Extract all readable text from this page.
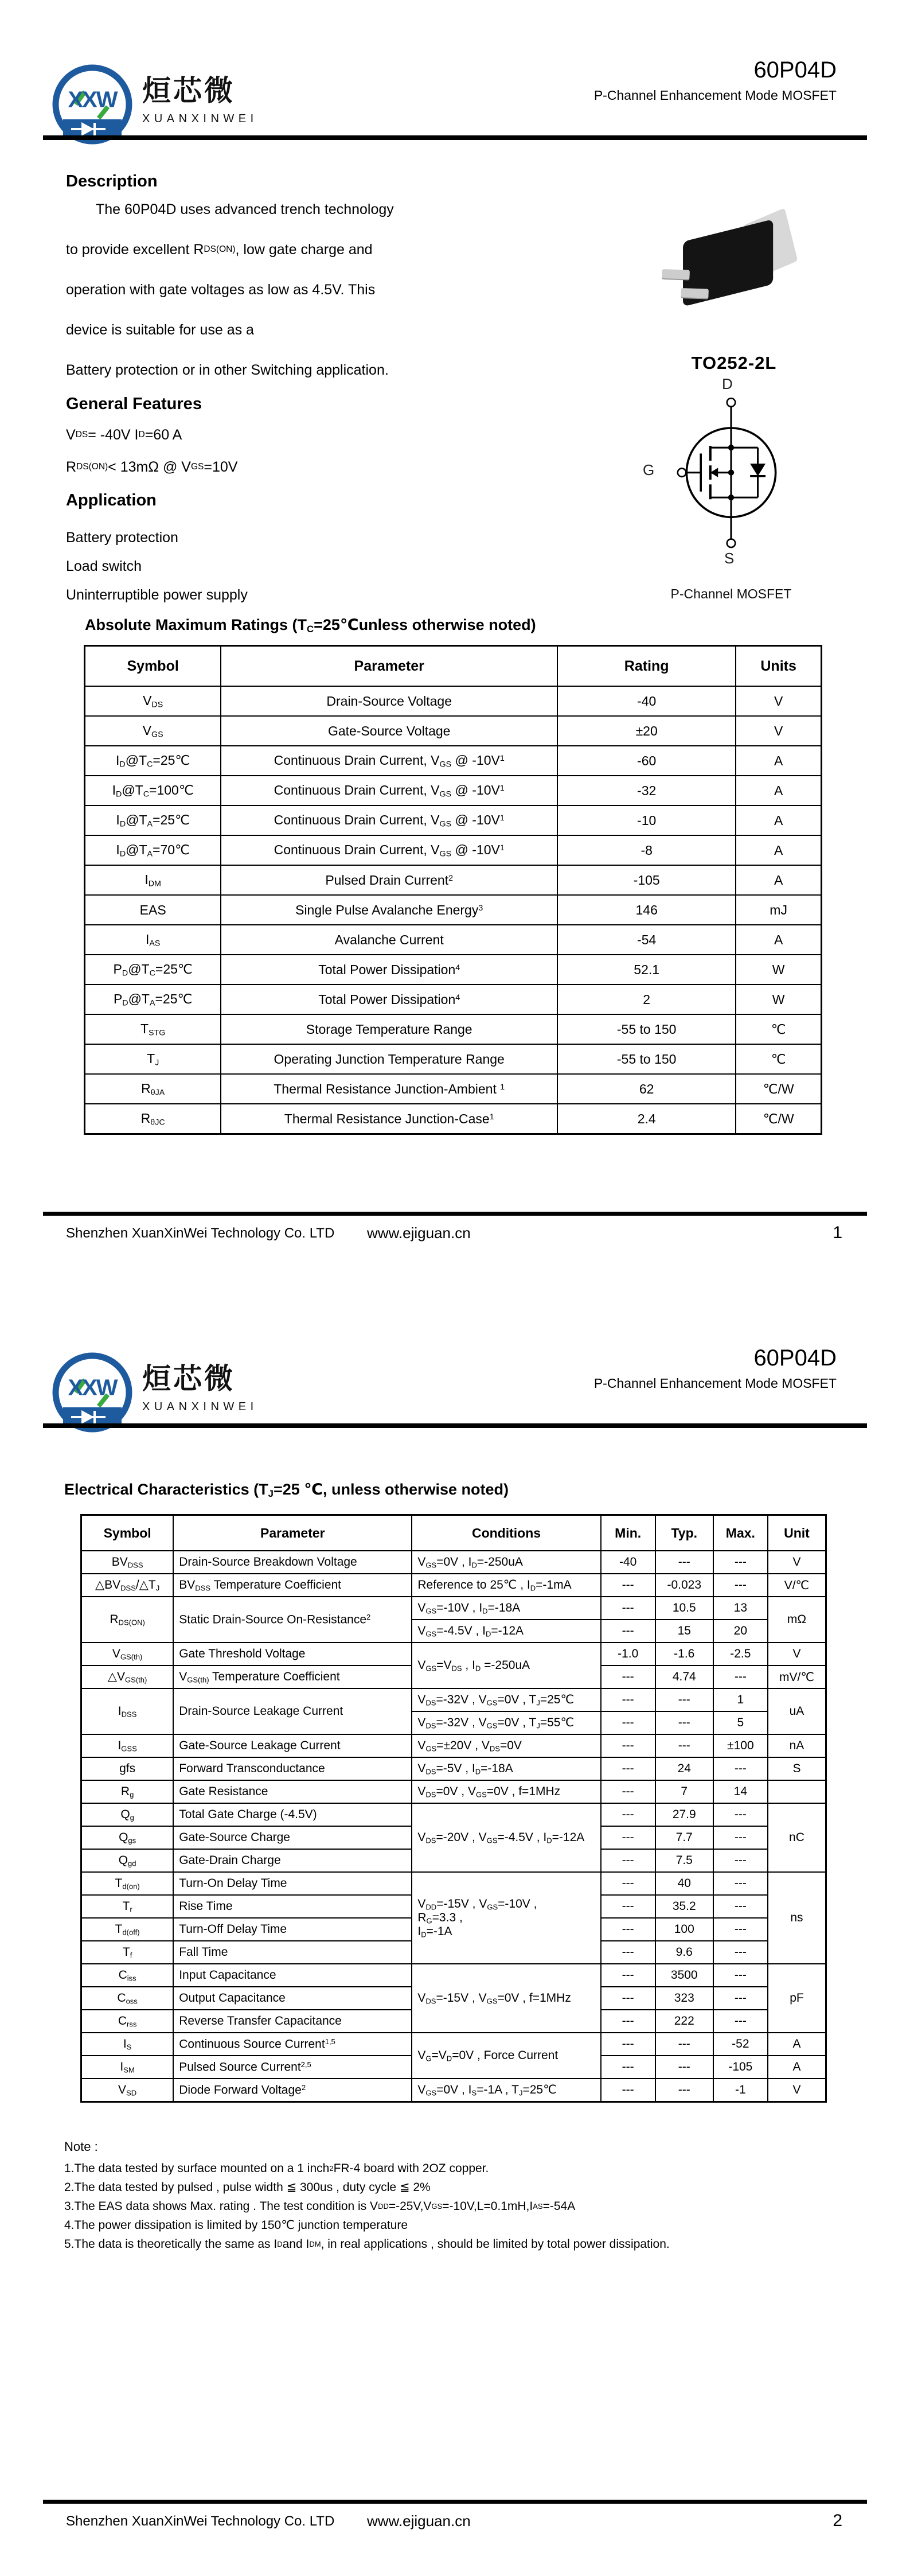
XXW 烜芯微
XUANXINWEI
60P04D
P-Channel Enhancement Mode MOSFET
Description
The 60P04D uses advanced trench technology
to provide excellent R DS(ON) , low gate charge and
operation with gate voltages as low as 4.5V. This
device is suitable for use as a
Battery protection or in other Switching application.
General Features
V DS = -40V I D =60 A
R DS(ON) < 13mΩ @ V GS =10V
Application
Battery protection
Load switch
Uninterruptible power supply
TO252-2L
D
G
S
P-Channel MOSFET
Absolute Maximum Ratings ($T_C=25℃unless$ otherwise noted)
Symbol	Parameter	Rating	Units
$V_{DS}$	Drain-Source Voltage	-40	V
$V_{GS}$	Gate-Source Voltage	±20	V
$I_D@T_C=25℃$	Continuous Drain Current, $V_{GS}$ @ $-10V^1$	-60	A
$I_D@T_C=100℃$	Continuous Drain Current, $V_{GS}$ @ $-10V^1$	-32	A
$I_D@T_A=25℃$	Continuous Drain Current, $V_{GS}$ @ $-10V^1$	-10	A
$I_D@T_A=70℃$	Continuous Drain Current, $V_{GS}$ @ $-10V^1$	-8	A
$I_{DM}$	Pulsed Drain Current$^2$	-105	A
EAS	Single Pulse Avalanche Energy$^3$	146	mJ
$I_{AS}$	Avalanche Current	-54	A
$P_D@T_C=25℃$	Total Power Dissipation$^4$	52.1	W
$P_D@T_A=25℃$	Total Power Dissipation$^4$	2	W
$T_{STG}$	Storage Temperature Range	-55 to 150	℃
$T_J$	Operating Junction Temperature Range	-55 to 150	℃
$R_{\theta JA}$	Thermal Resistance Junction-Ambient $^1$	62	℃/W
$R_{\theta JC}$	Thermal Resistance Junction-Case$^1$	2.4	℃/W
Shenzhen XuanXinWei Technology Co. LTD www.ejiguan.cn	1
XXW 烜芯微
XUANXINWEI
60P04D
P-Channel Enhancement Mode MOSFET
Electrical Characteristics ($T_J=25$ ℃, unless otherwise noted)
Symbol	Parameter	Conditions	Min.	Typ.	Max.	Unit
$BV_{DSS}$	Drain-Source Breakdown Voltage	$V_{GS}=0V$ , $I_D=-250uA$	-40	---	---	V
$\triangle BV_{DSS}/\triangle T_J$	$BV_{DSS}$ Temperature Coefficient	Reference to 25℃ , $I_D=-1mA$	---	-0.023	---	V/℃
$R_{DS(ON)}$	Static Drain-Source On-Resistance$^2$	$V_{GS}=-10V$ , $I_D=-18A$	---	10.5	13	mΩ
		$V_{GS}=-4.5V$ , $I_D=-12A$	---	15	20	
$V_{GS(th)}$	Gate Threshold Voltage	$V_{GS}=V_{DS}$ , $I_D =-250uA$	-1.0	-1.6	-2.5	V
$\triangle V_{GS(th)}$	$V_{GS(th)}$ Temperature Coefficient		---	4.74	---	mV/℃
$I_{DSS}$	Drain-Source Leakage Current	$V_{DS}=-32V$ , $V_{GS}=0V$ , $T_J=25℃$	---	---	1	uA
		$V_{DS}=-32V$ , $V_{GS}=0V$ , $T_J=55℃$	---	---	5	
$I_{GSS}$	Gate-Source Leakage Current	$V_{GS}=\pm 20V$ , $V_{DS}=0V$	---	---	±100	nA
gfs	Forward Transconductance	$V_{DS}=-5V$ , $I_D=-18A$	---	24	---	S
$R_g$	Gate Resistance	$V_{DS}=0V$ , $V_{GS}=0V$ , f=1MHz	---	7	14	
$Q_g$	Total Gate Charge (-4.5V)	$V_{DS}=-20V$ , $V_{GS}=-4.5V$ , $I_D=-12A$	---	27.9	---	nC
$Q_{gs}$	Gate-Source Charge		---	7.7	---	
$Q_{gd}$	Gate-Drain Charge		---	7.5	---	
$T_{d(on)}$	Turn-On Delay Time	$V_{DD}=-15V$ , $V_{GS}=-10V$ ,
$R_G=3.3$ ,
$I_D=-1A$	---	40	---	ns
$T_r$	Rise Time		---	35.2	---	
$T_{d(off)}$	Turn-Off Delay Time		---	100	---	
$T_f$	Fall Time		---	9.6	---	
$C_{iss}$	Input Capacitance	$V_{DS}=-15V$ , $V_{GS}=0V$ , f=1MHz	---	3500	---	pF
$C_{oss}$	Output Capacitance		---	323	---	
$C_{rss}$	Reverse Transfer Capacitance		---	222	---	
$I_S$	Continuous Source Current$^{1,5}$	$V_G=V_D=0V$ , Force Current	---	---	-52	A
$I_{SM}$	Pulsed Source Current$^{2,5}$		---	---	-105	A
$V_{SD}$	Diode Forward Voltage$^2$	$V_{GS}=0V$ , $I_S=-1A$ , $T_J=25℃$	---	---	-1	V
Note :
1.The data tested by surface mounted on a 1 inch 2 FR-4 board with 2OZ copper.
2.The data tested by pulsed , pulse width ≦ 300us , duty cycle ≦ 2%
3.The EAS data shows Max. rating . The test condition is V DD =-25V,V GS =-10V,L=0.1mH,I AS =-54A
4.The power dissipation is limited by 150℃ junction temperature
5.The data is theoretically the same as I D and I DM , in real applications , should be limited by total power dissipation.
Shenzhen XuanXinWei Technology Co. LTD www.ejiguan.cn	2
